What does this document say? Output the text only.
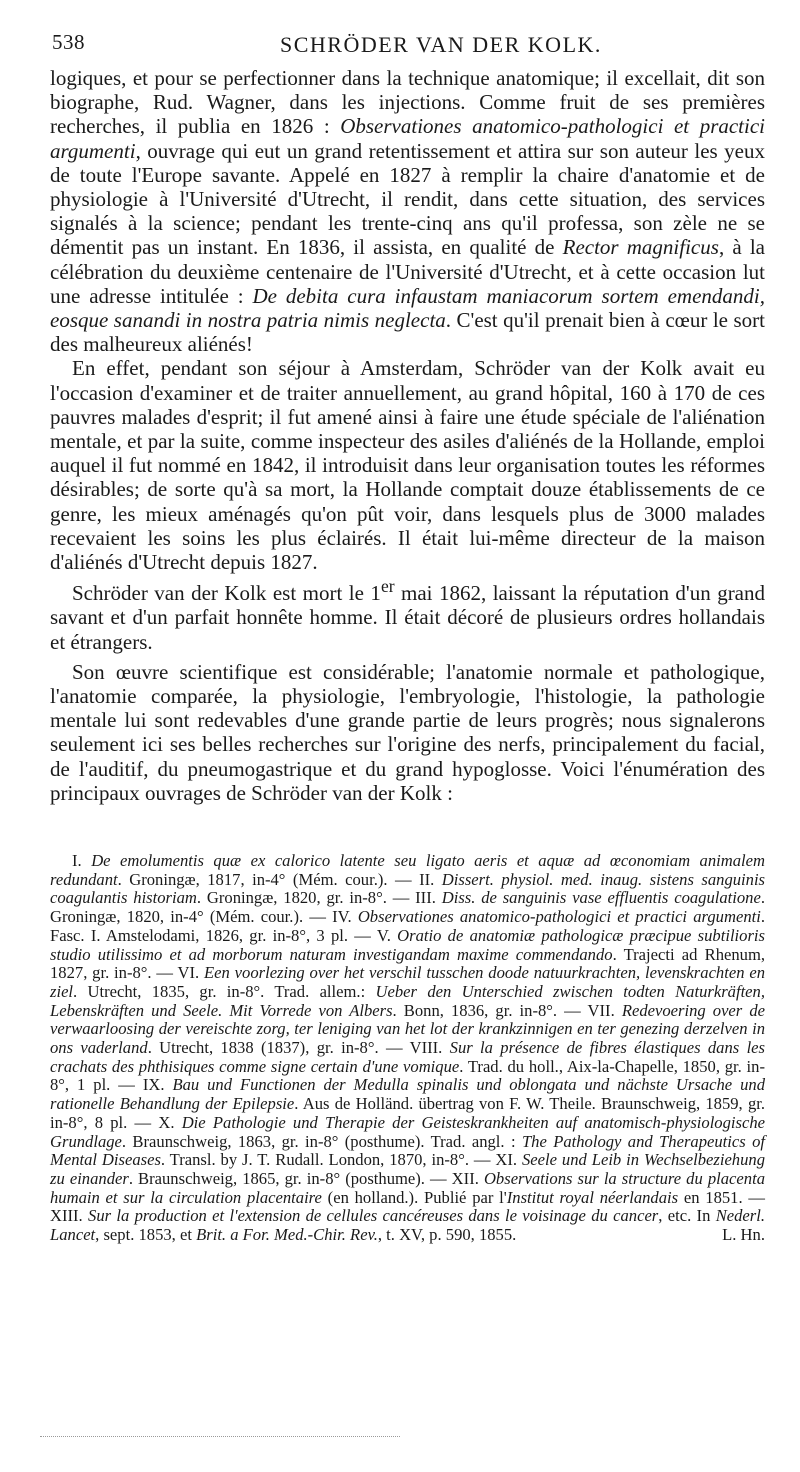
538	SCHRÖDER VAN DER KOLK.

logiques, et pour se perfectionner dans la technique anatomique; il excellait, dit son biographe, Rud. Wagner, dans les injections. Comme fruit de ses premières recherches, il publia en 1826 : Observationes anatomico-pathologici et practici argumenti, ouvrage qui eut un grand retentissement et attira sur son auteur les yeux de toute l'Europe savante. Appelé en 1827 à remplir la chaire d'anatomie et de physiologie à l'Université d'Utrecht, il rendit, dans cette situation, des services signalés à la science; pendant les trente-cinq ans qu'il professa, son zèle ne se démentit pas un instant. En 1836, il assista, en qualité de Rector magnificus, à la célébration du deuxième centenaire de l'Université d'Utrecht, et à cette occasion lut une adresse intitulée : De debita cura infaustam maniacorum sortem emendandi, eosque sanandi in nostra patria nimis neglecta. C'est qu'il prenait bien à cœur le sort des malheureux aliénés!

En effet, pendant son séjour à Amsterdam, Schröder van der Kolk avait eu l'occasion d'examiner et de traiter annuellement, au grand hôpital, 160 à 170 de ces pauvres malades d'esprit; il fut amené ainsi à faire une étude spéciale de l'aliénation mentale, et par la suite, comme inspecteur des asiles d'aliénés de la Hollande, emploi auquel il fut nommé en 1842, il introduisit dans leur organisation toutes les réformes désirables; de sorte qu'à sa mort, la Hollande comptait douze établissements de ce genre, les mieux aménagés qu'on pût voir, dans lesquels plus de 3000 malades recevaient les soins les plus éclairés. Il était lui-même directeur de la maison d'aliénés d'Utrecht depuis 1827.

Schröder van der Kolk est mort le 1er mai 1862, laissant la réputation d'un grand savant et d'un parfait honnête homme. Il était décoré de plusieurs ordres hollandais et étrangers.

Son œuvre scientifique est considérable; l'anatomie normale et pathologique, l'anatomie comparée, la physiologie, l'embryologie, l'histologie, la pathologie mentale lui sont redevables d'une grande partie de leurs progrès; nous signalerons seulement ici ses belles recherches sur l'origine des nerfs, principalement du facial, de l'auditif, du pneumogastrique et du grand hypoglosse. Voici l'énumération des principaux ouvrages de Schröder van der Kolk :

I. De emolumentis quæ ex calorico latente seu ligato aeris et aquæ ad œconomiam animalem redundant. Groningæ, 1817, in-4° (Mém. cour.). — II. Dissert. physiol. med. inaug. sistens sanguinis coagulantis historiam. Groningæ, 1820, gr. in-8°. — III. Diss. de sanguinis vase effluentis coagulatione. Groningæ, 1820, in-4° (Mém. cour.). — IV. Observationes anatomico-pathologici et practici argumenti. Fasc. I. Amstelodami, 1826, gr. in-8°, 3 pl. — V. Oratio de anatomiæ pathologicæ præcipue subtilioris studio utilissimo et ad morborum naturam investigandam maxime commendando. Trajecti ad Rhenum, 1827, gr. in-8°. — VI. Een voorlezing over het verschil tusschen doode natuurkrachten, levenskrachten en ziel. Utrecht, 1835, gr. in-8°. Trad. allem.: Ueber den Unterschied zwischen todten Naturkräften, Lebenskräften und Seele. Mit Vorrede von Albers. Bonn, 1836, gr. in-8°. — VII. Redevoering over de verwaarloosing der vereischte zorg, ter leniging van het lot der krankzinnigen en ter genezing derzelven in ons vaderland. Utrecht, 1838 (1837), gr. in-8°. — VIII. Sur la présence de fibres élastiques dans les crachats des phthisiques comme signe certain d'une vomique. Trad. du holl., Aix-la-Chapelle, 1850, gr. in-8°, 1 pl. — IX. Bau und Functionen der Medulla spinalis und oblongata und nächste Ursache und rationelle Behandlung der Epilepsie. Aus de Holländ. übertrag von F. W. Theile. Braunschweig, 1859, gr. in-8°, 8 pl. — X. Die Pathologie und Therapie der Geisteskrankheiten auf anatomisch-physiologische Grundlage. Braunschweig, 1863, gr. in-8° (posthume). Trad. angl. : The Pathology and Therapeutics of Mental Diseases. Transl. by J. T. Rudall. London, 1870, in-8°. — XI. Seele und Leib in Wechselbeziehung zu einander. Braunschweig, 1865, gr. in-8° (posthume). — XII. Observations sur la structure du placenta humain et sur la circulation placentaire (en holland.). Publié par l'Institut royal néerlandais en 1851. — XIII. Sur la production et l'extension de cellules cancéreuses dans le voisinage du cancer, etc. In Nederl. Lancet, sept. 1853, et Brit. a For. Med.-Chir. Rev., t. XV, p. 590, 1855.	L. Hn.
